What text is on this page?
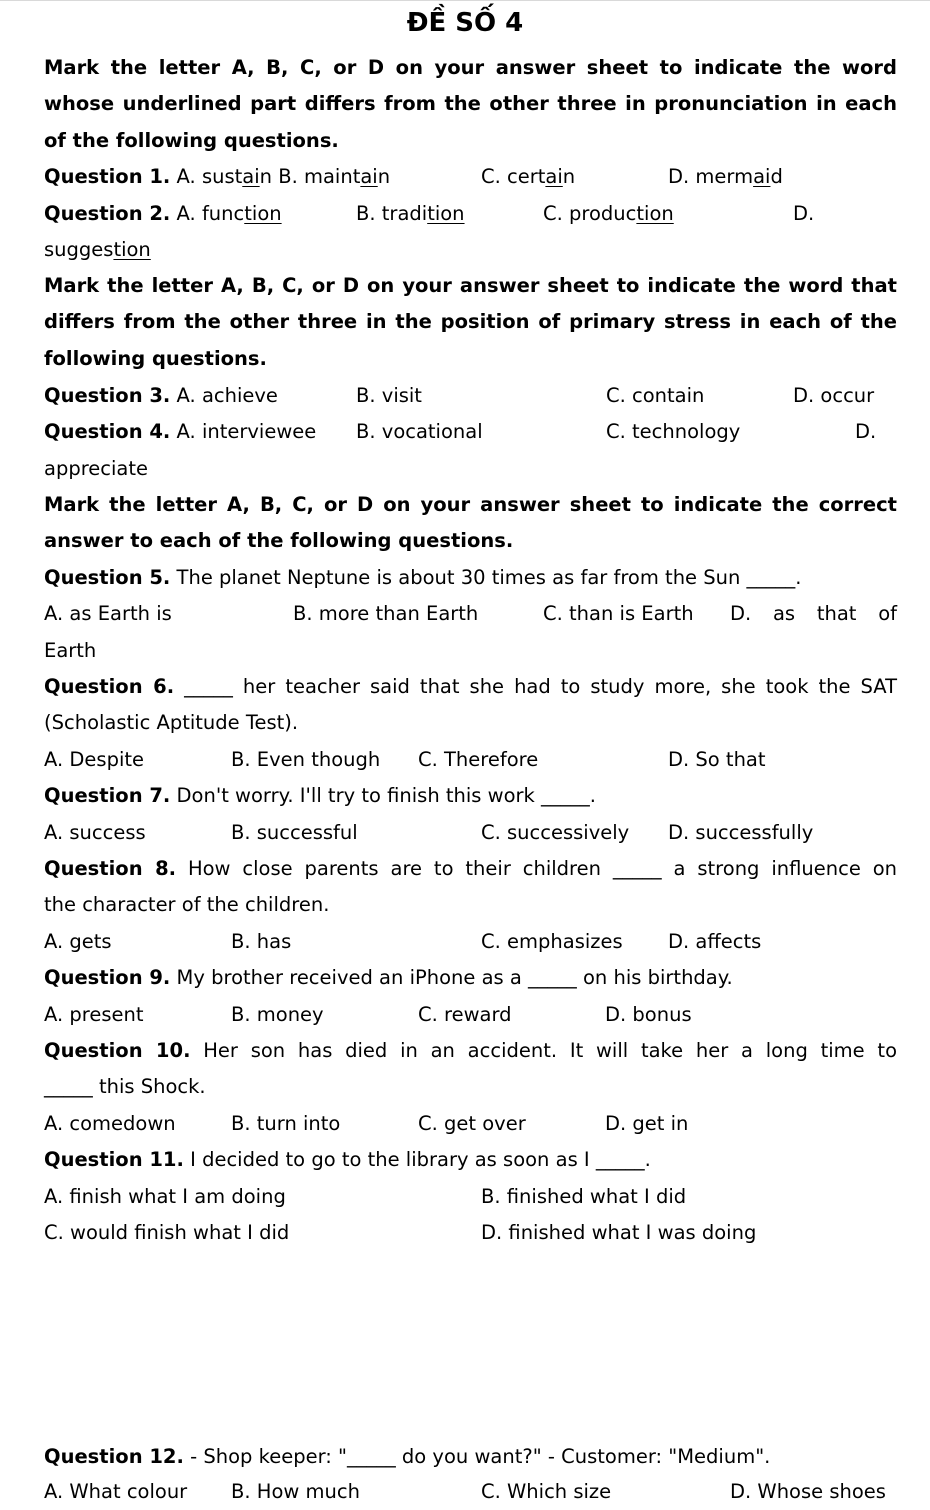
ĐỀ SỐ 4
Mark the letter A, B, C, or D on your answer sheet to indicate the word whose underlined part differs from the other three in pronunciation in each of the following questions.
Question 1. A. sustain B. maintain	C. certain	D. mermaid
Question 2. A. function	B. tradition	C. production	D.
suggestion
Mark the letter A, B, C, or D on your answer sheet to indicate the word that differs from the other three in the position of primary stress in each of the following questions.
Question 3. A. achieve	B. visit	C. contain	D. occur
Question 4. A. interviewee B. vocational	C. technology	D.
appreciate
Mark the letter A, B, C, or D on your answer sheet to indicate the correct answer to each of the following questions.
Question 5. The planet Neptune is about 30 times as far from the Sun _____.
A. as Earth is	B. more than Earth	C. than is Earth D. as that of
Earth
Question 6. _____ her teacher said that she had to study more, she took the SAT
(Scholastic Aptitude Test).
A. Despite	B. Even though C. Therefore	D. So that
Question 7. Don't worry. I'll try to finish this work _____.
A. success	B. successful	C. successively D. successfully
Question 8. How close parents are to their children _____ a strong influence on
the character of the children.
A. gets	B. has	C. emphasizes D. affects
Question 9. My brother received an iPhone as a _____ on his birthday.
A. present	B. money	C. reward	D. bonus
Question 10. Her son has died in an accident. It will take her a long time to
_____ this Shock.
A. comedown	B. turn into	C. get over	D. get in
Question 11. I decided to go to the library as soon as I _____.
A. finish what I am doing	B. finished what I did
C. would finish what I did	D. finished what I was doing
Question 12. - Shop keeper: "_____ do you want?" - Customer: "Medium".
A. What colour B. How much	C. Which size	D. Whose shoes
